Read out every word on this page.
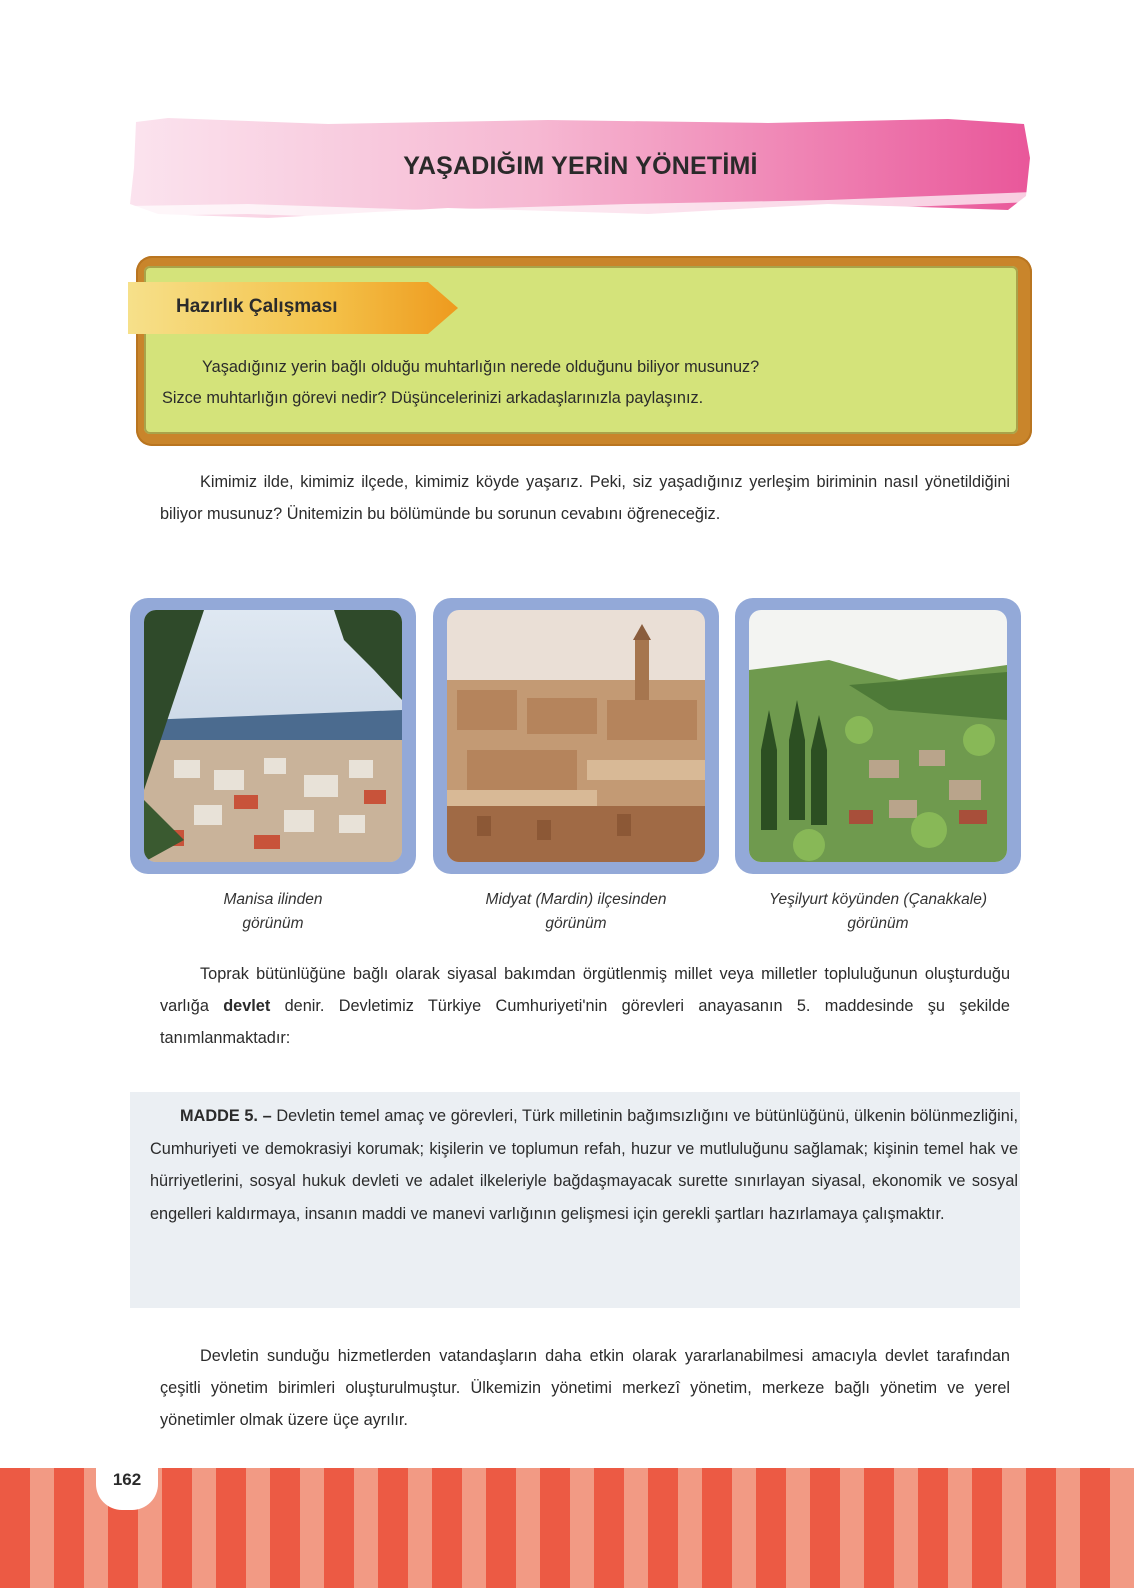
YAŞADIĞIM YERİN YÖNETİMİ
Hazırlık Çalışması

Yaşadığınız yerin bağlı olduğu muhtarlığın nerede olduğunu biliyor musunuz?

Sizce muhtarlığın görevi nedir? Düşüncelerinizi arkadaşlarınızla paylaşınız.

Kimimiz ilde, kimimiz ilçede, kimimiz köyde yaşarız. Peki, siz yaşadığınız yerleşim biriminin nasıl yönetildiğini biliyor musunuz? Ünitemizin bu bölümünde bu sorunun cevabını öğreneceğiz.

Manisa ilinden
görünüm
Midyat (Mardin) ilçesinden
görünüm
Yeşilyurt köyünden (Çanakkale)
görünüm

Toprak bütünlüğüne bağlı olarak siyasal bakımdan örgütlenmiş millet veya milletler topluluğunun oluşturduğu varlığa devlet denir. Devletimiz Türkiye Cumhuriyeti'nin görevleri anayasanın 5. maddesinde şu şekilde tanımlanmaktadır:

MADDE 5. – Devletin temel amaç ve görevleri, Türk milletinin bağımsızlığını ve bütünlüğünü, ülkenin bölünmezliğini, Cumhuriyeti ve demokrasiyi korumak; kişilerin ve toplumun refah, huzur ve mutluluğunu sağlamak; kişinin temel hak ve hürriyetlerini, sosyal hukuk devleti ve adalet ilkeleriyle bağdaşmayacak surette sınırlayan siyasal, ekonomik ve sosyal engelleri kaldırmaya, insanın maddi ve manevi varlığının gelişmesi için gerekli şartları hazırlamaya çalışmaktır.

Devletin sunduğu hizmetlerden vatandaşların daha etkin olarak yararlanabilmesi amacıyla devlet tarafından çeşitli yönetim birimleri oluşturulmuştur. Ülkemizin yönetimi merkezî yönetim, merkeze bağlı yönetim ve yerel yönetimler olmak üzere üçe ayrılır.

162
